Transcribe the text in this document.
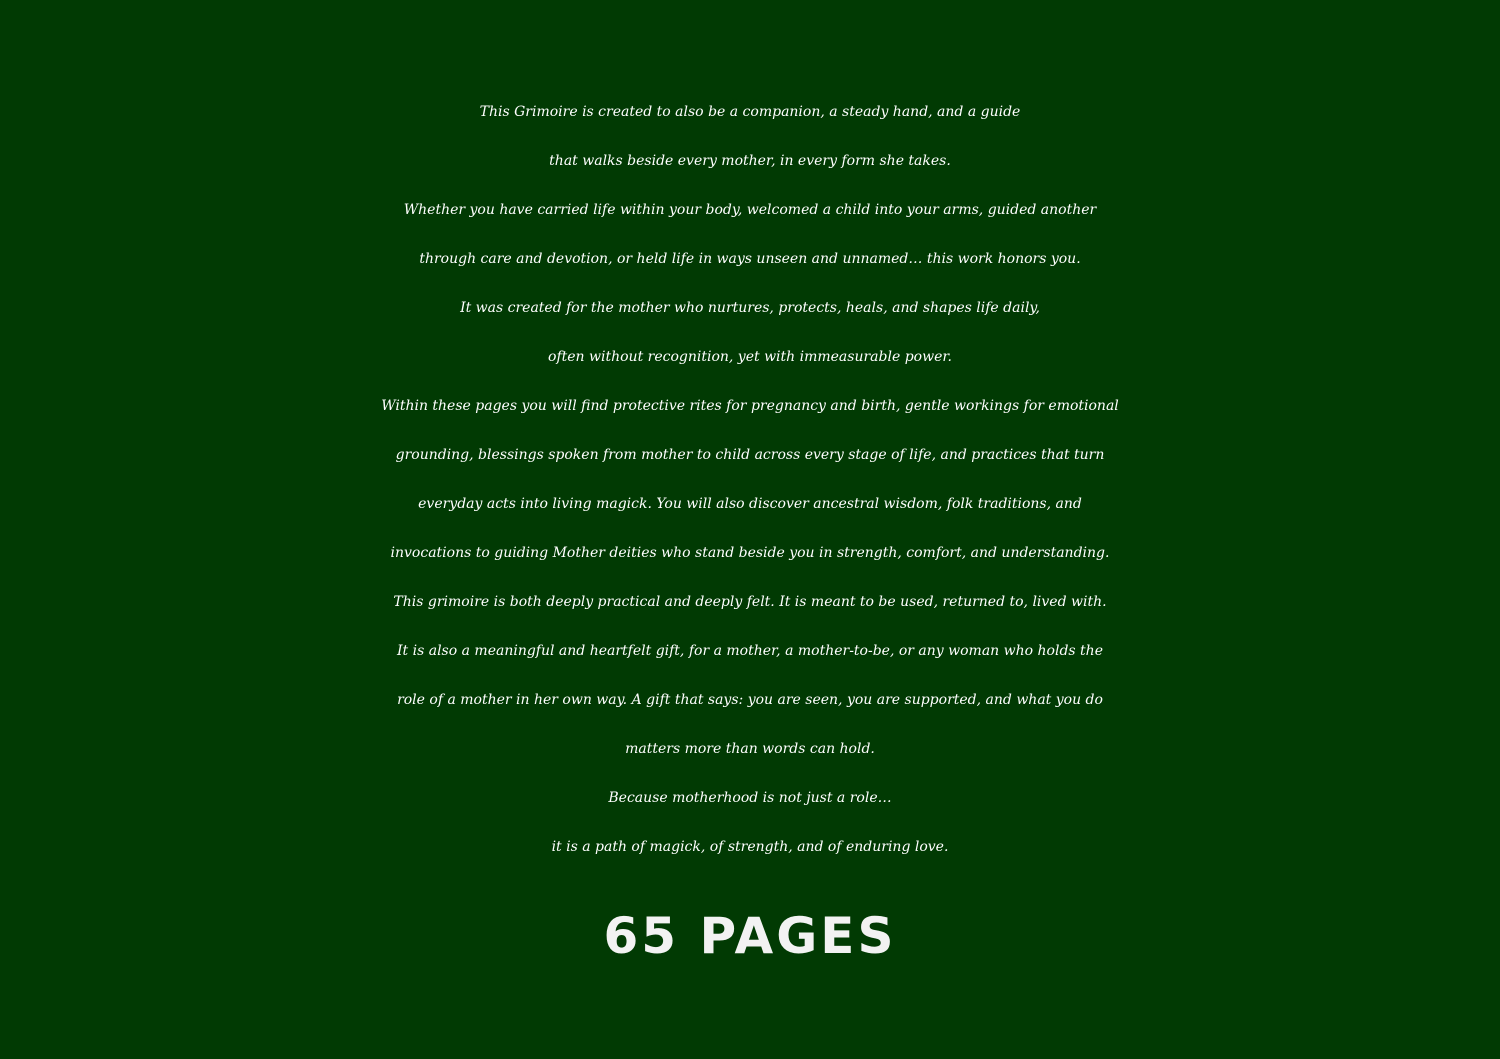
This Grimoire is created to also be a companion, a steady hand, and a guide
that walks beside every mother, in every form she takes.
Whether you have carried life within your body, welcomed a child into your arms, guided another
through care and devotion, or held life in ways unseen and unnamed… this work honors you.
It was created for the mother who nurtures, protects, heals, and shapes life daily,
often without recognition, yet with immeasurable power.
Within these pages you will find protective rites for pregnancy and birth, gentle workings for emotional
grounding, blessings spoken from mother to child across every stage of life, and practices that turn
everyday acts into living magick. You will also discover ancestral wisdom, folk traditions, and
invocations to guiding Mother deities who stand beside you in strength, comfort, and understanding.
This grimoire is both deeply practical and deeply felt. It is meant to be used, returned to, lived with.
It is also a meaningful and heartfelt gift, for a mother, a mother-to-be, or any woman who holds the
role of a mother in her own way. A gift that says: you are seen, you are supported, and what you do
matters more than words can hold.
Because motherhood is not just a role…
it is a path of magick, of strength, and of enduring love.
65 PAGES
